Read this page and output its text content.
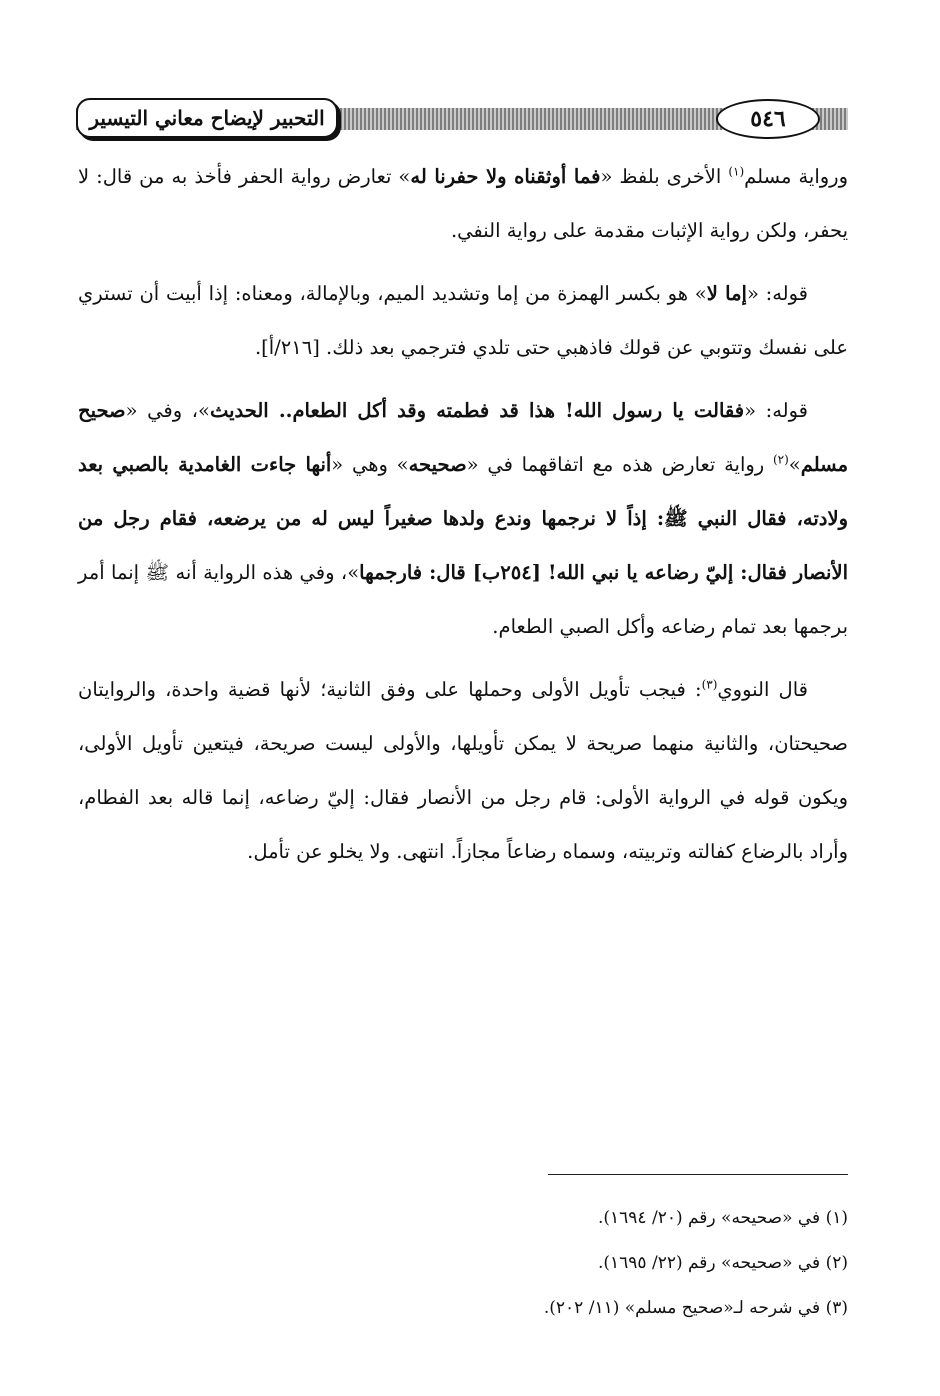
التحبير لإيضاح معاني التيسير	٥٤٦

ورواية مسلم$^{(١)}$ الأخرى بلفظ «فما أوثقناه ولا حفرنا له» تعارض رواية الحفر فأخذ به من قال: لا يحفر، ولكن رواية الإثبات مقدمة على رواية النفي.

قوله: «إما لا» هو بكسر الهمزة من إما وتشديد الميم، وبالإمالة، ومعناه: إذا أبيت أن تستري على نفسك وتتوبي عن قولك فاذهبي حتى تلدي فترجمي بعد ذلك. [٢١٦/أ].

قوله: «فقالت يا رسول الله! هذا قد فطمته وقد أكل الطعام.. الحديث»، وفي «صحيح مسلم»$^{(٢)}$ رواية تعارض هذه مع اتفاقهما في «صحيحه» وهي «أنها جاءت الغامدية بالصبي بعد ولادته، فقال النبي ﷺ: إذاً لا نرجمها وندع ولدها صغيراً ليس له من يرضعه، فقام رجل من الأنصار فقال: إليّ رضاعه يا نبي الله! [٢٥٤ب] قال: فارجمها»، وفي هذه الرواية أنه ﷺ إنما أمر برجمها بعد تمام رضاعه وأكل الصبي الطعام.

قال النووي$^{(٣)}$: فيجب تأويل الأولى وحملها على وفق الثانية؛ لأنها قضية واحدة، والروايتان صحيحتان، والثانية منهما صريحة لا يمكن تأويلها، والأولى ليست صريحة، فيتعين تأويل الأولى، ويكون قوله في الرواية الأولى: قام رجل من الأنصار فقال: إليّ رضاعه، إنما قاله بعد الفطام، وأراد بالرضاع كفالته وتربيته، وسماه رضاعاً مجازاً. انتهى. ولا يخلو عن تأمل.

(١) في «صحيحه» رقم (٢٠/ ١٦٩٤).
(٢) في «صحيحه» رقم (٢٢/ ١٦٩٥).
(٣) في شرحه لـ«صحيح مسلم» (١١/ ٢٠٢).
